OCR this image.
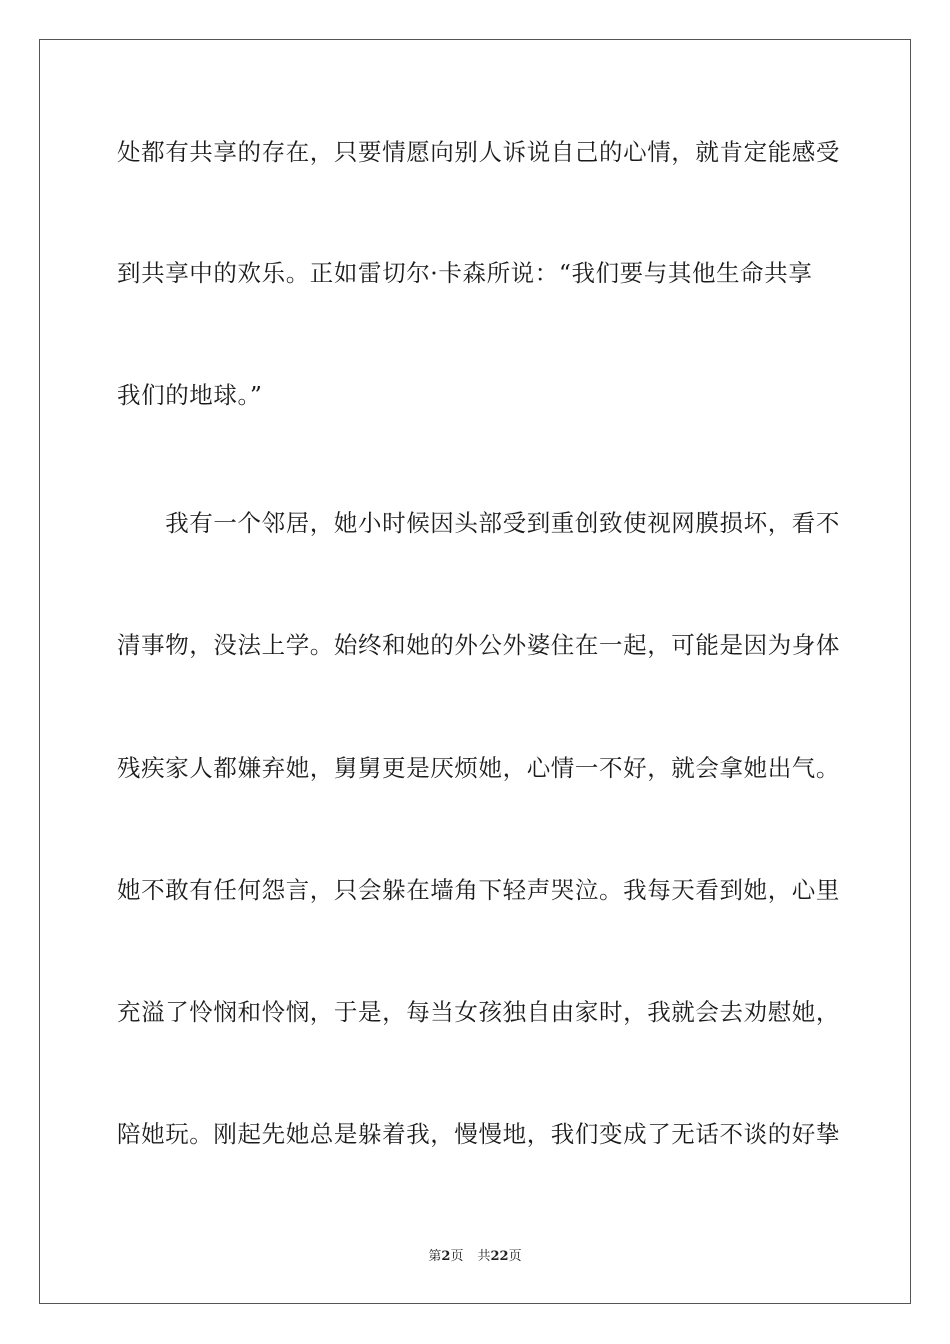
处都有共享的存在，只要情愿向别人诉说自己的心情，就肯定能感受
到共享中的欢乐。正如雷切尔·卡森所说：“我们要与其他生命共享
我们的地球。”
　　我有一个邻居，她小时候因头部受到重创致使视网膜损坏，看不
清事物，没法上学。始终和她的外公外婆住在一起，可能是因为身体
残疾家人都嫌弃她，舅舅更是厌烦她，心情一不好，就会拿她出气。
她不敢有任何怨言，只会躲在墙角下轻声哭泣。我每天看到她，心里
充溢了怜悯和怜悯，于是，每当女孩独自由家时，我就会去劝慰她，
陪她玩。刚起先她总是躲着我，慢慢地，我们变成了无话不谈的好挚
第2页 共22页
